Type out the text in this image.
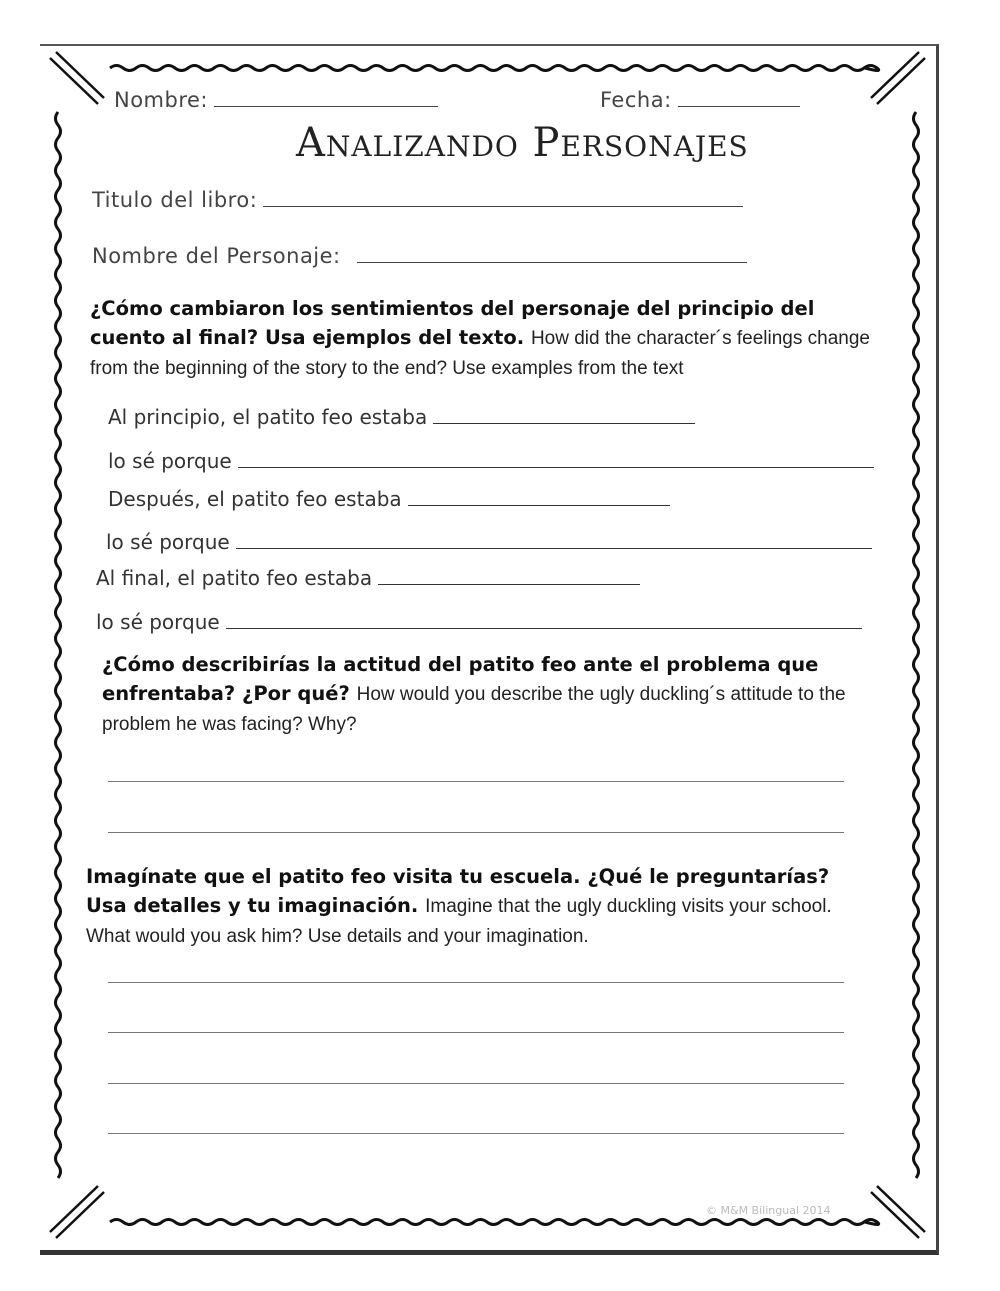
Nombre:	Fecha:
Analizando Personajes
Titulo del libro:
Nombre del Personaje:
¿Cómo cambiaron los sentimientos del personaje del principio del cuento al final? Usa ejemplos del texto. How did the character´s feelings change from the beginning of the story to the end? Use examples from the text
Al principio, el patito feo estaba
lo sé porque
Después, el patito feo estaba
lo sé porque
Al final, el patito feo estaba
lo sé porque
¿Cómo describirías la actitud del patito feo ante el problema que enfrentaba? ¿Por qué? How would you describe the ugly duckling´s attitude to the problem he was facing? Why?
Imagínate que el patito feo visita tu escuela. ¿Qué le preguntarías? Usa detalles y tu imaginación. Imagine that the ugly duckling visits your school. What would you ask him? Use details and your imagination.
© M&M Bilingual 2014
